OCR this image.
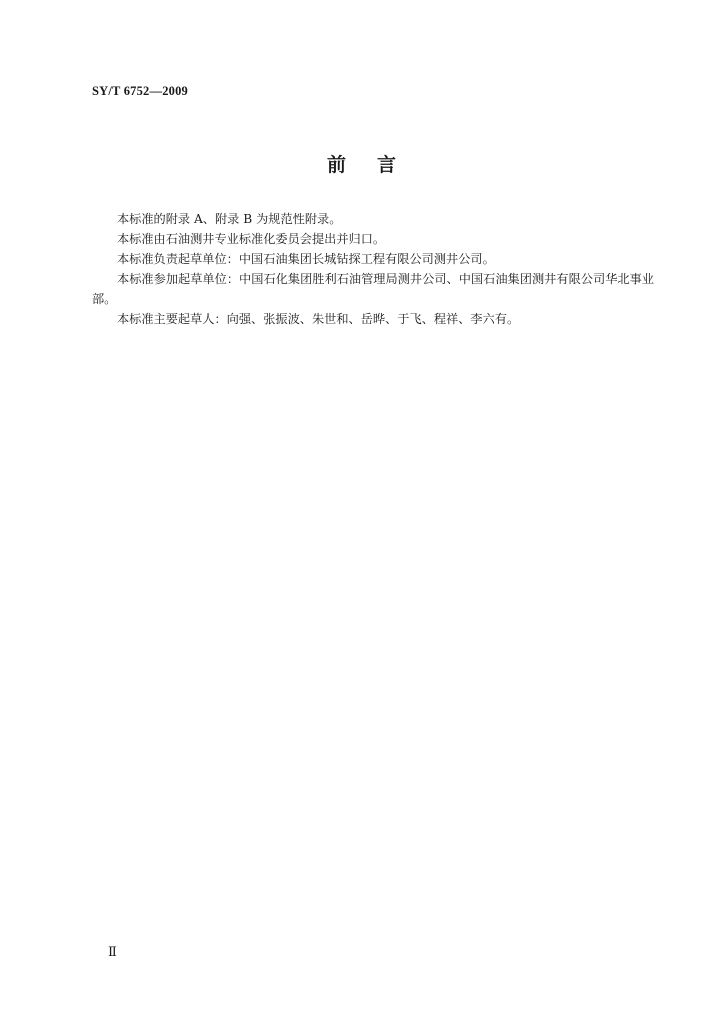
SY/T 6752—2009
前 言

本标准的附录 A、附录 B 为规范性附录。

本标准由石油测井专业标准化委员会提出并归口。

本标准负责起草单位：中国石油集团长城钻探工程有限公司测井公司。

本标准参加起草单位：中国石化集团胜利石油管理局测井公司、中国石油集团测井有限公司华北事业部。

本标准主要起草人：向强、张振波、朱世和、岳晔、于飞、程祥、李六有。

Ⅱ
